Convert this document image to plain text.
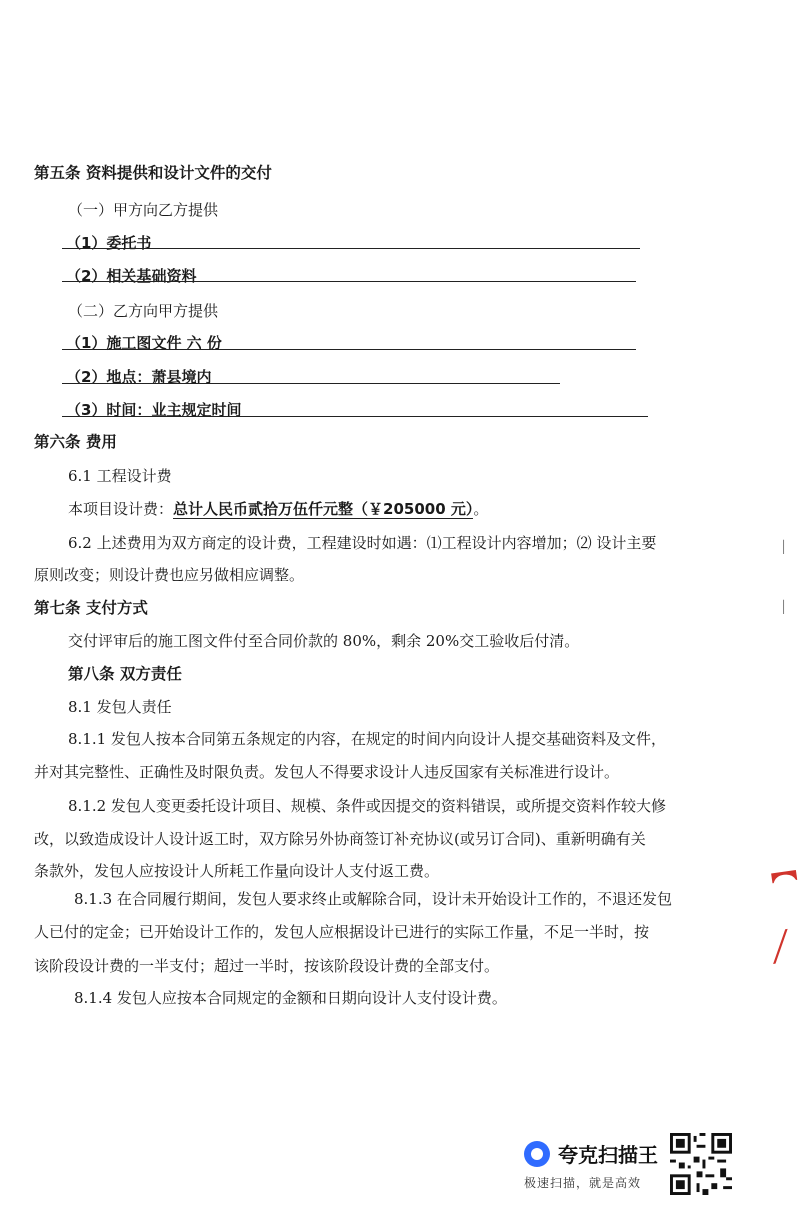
第五条 资料提供和设计文件的交付
（一）甲方向乙方提供
（1）委托书
（2）相关基础资料
（二）乙方向甲方提供
（1）施工图文件 六 份
（2）地点：萧县境内
（3）时间：业主规定时间
第六条 费用
6.1 工程设计费
本项目设计费：总计人民币贰拾万伍仟元整（￥205000 元）。
6.2 上述费用为双方商定的设计费，工程建设时如遇：⑴工程设计内容增加；⑵ 设计主要
原则改变；则设计费也应另做相应调整。
第七条 支付方式
交付评审后的施工图文件付至合同价款的 80%，剩余 20%交工验收后付清。
第八条 双方责任
8.1 发包人责任
8.1.1 发包人按本合同第五条规定的内容，在规定的时间内向设计人提交基础资料及文件，
并对其完整性、正确性及时限负责。发包人不得要求设计人违反国家有关标准进行设计。
8.1.2 发包人变更委托设计项目、规模、条件或因提交的资料错误，或所提交资料作较大修
改，以致造成设计人设计返工时，双方除另外协商签订补充协议(或另订合同)、重新明确有关
条款外，发包人应按设计人所耗工作量向设计人支付返工费。
8.1.3 在合同履行期间，发包人要求终止或解除合同，设计未开始设计工作的，不退还发包
人已付的定金；已开始设计工作的，发包人应根据设计已进行的实际工作量，不足一半时，按
该阶段设计费的一半支付；超过一半时，按该阶段设计费的全部支付。
8.1.4 发包人应按本合同规定的金额和日期向设计人支付设计费。
︻
╱
│
│
夸克扫描王
极速扫描，就是高效
